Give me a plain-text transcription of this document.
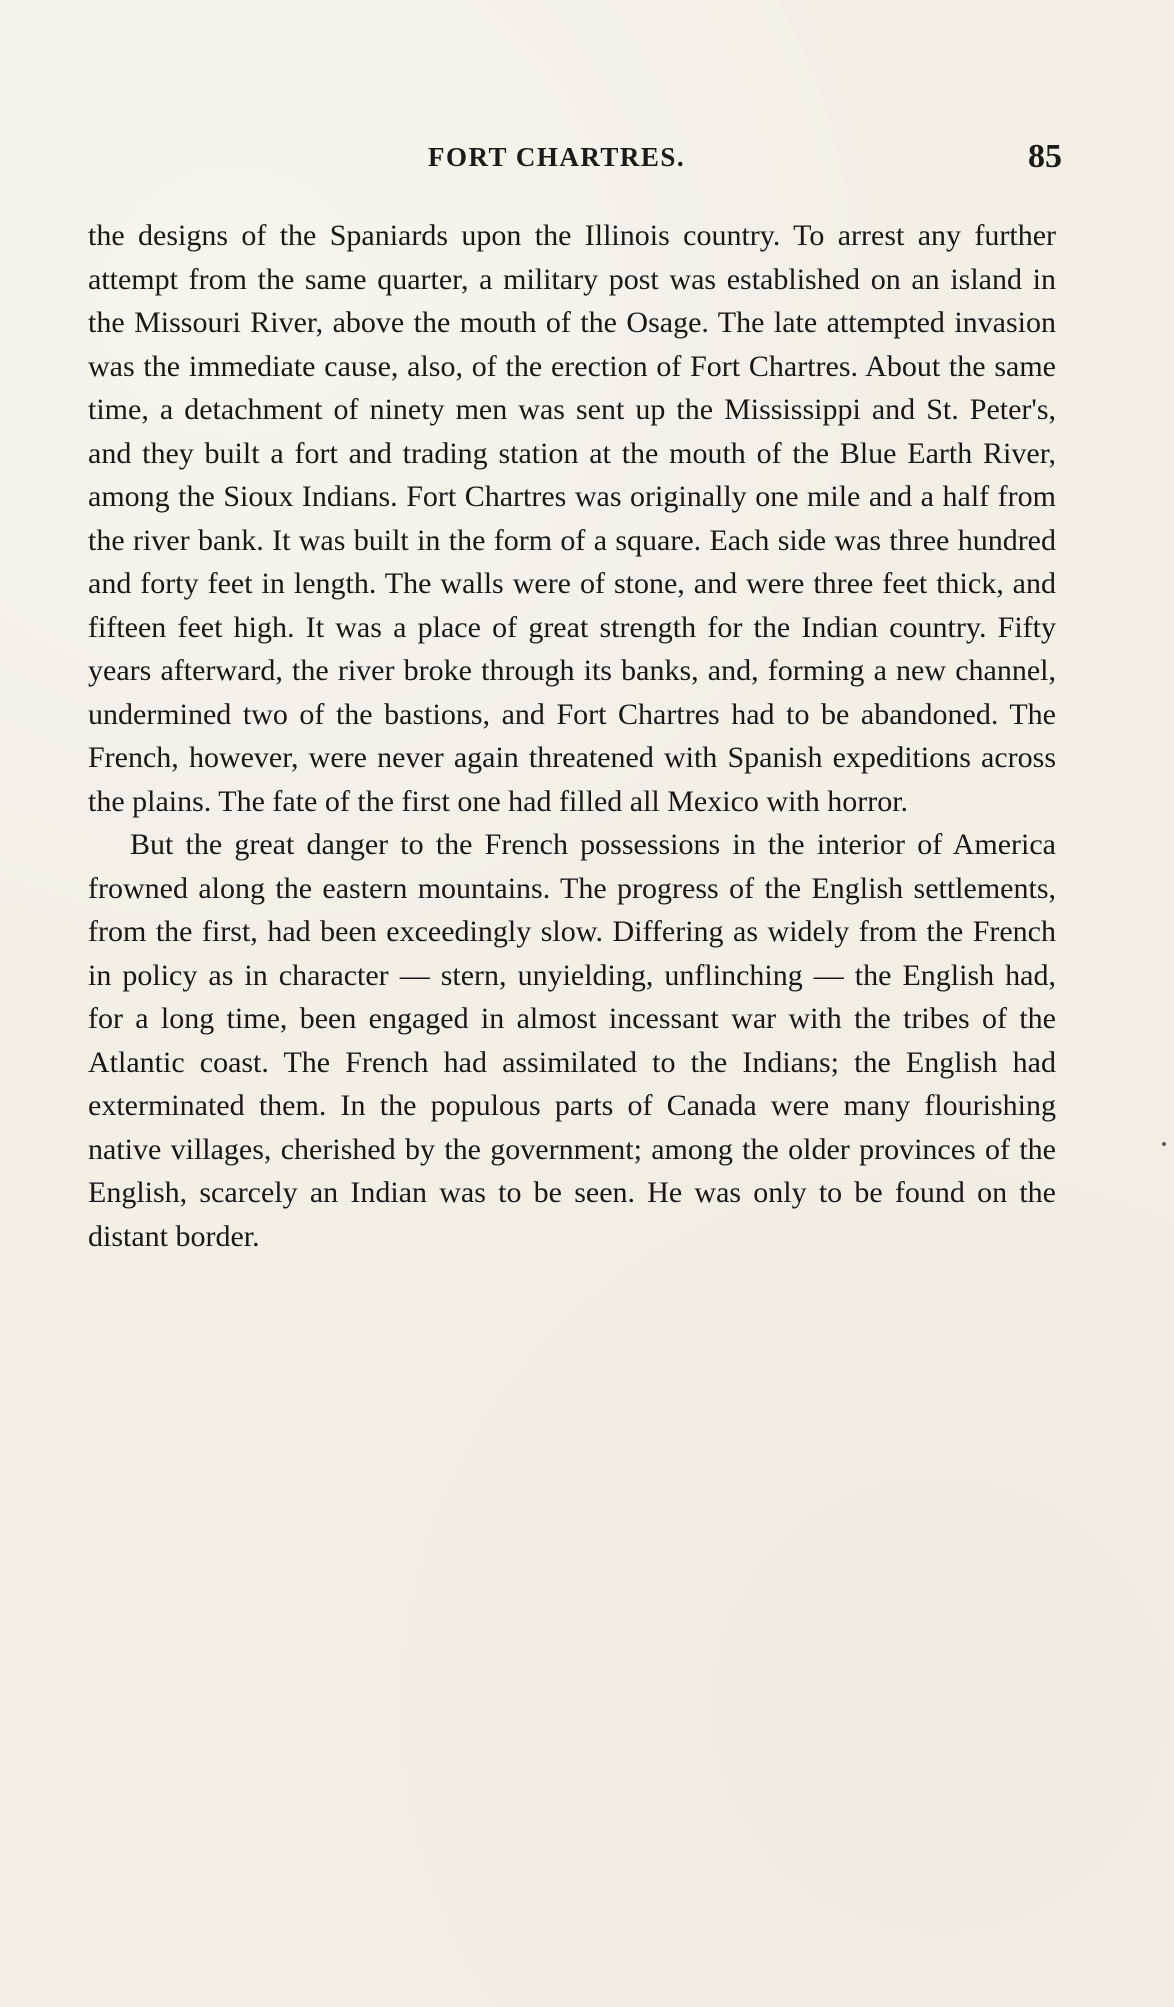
FORT CHARTRES.	85

the designs of the Spaniards upon the Illinois country. To arrest any further attempt from the same quarter, a military post was established on an island in the Missouri River, above the mouth of the Osage. The late attempted invasion was the immediate cause, also, of the erection of Fort Chartres. About the same time, a detachment of ninety men was sent up the Mississippi and St. Peter's, and they built a fort and trading station at the mouth of the Blue Earth River, among the Sioux Indians. Fort Chartres was originally one mile and a half from the river bank. It was built in the form of a square. Each side was three hundred and forty feet in length. The walls were of stone, and were three feet thick, and fifteen feet high. It was a place of great strength for the Indian country. Fifty years afterward, the river broke through its banks, and, forming a new channel, undermined two of the bastions, and Fort Chartres had to be abandoned. The French, however, were never again threatened with Spanish expeditions across the plains. The fate of the first one had filled all Mexico with horror.

But the great danger to the French possessions in the interior of America frowned along the eastern mountains. The progress of the English settlements, from the first, had been exceedingly slow. Differing as widely from the French in policy as in character — stern, unyielding, unflinching — the English had, for a long time, been engaged in almost incessant war with the tribes of the Atlantic coast. The French had assimilated to the Indians; the English had exterminated them. In the populous parts of Canada were many flourishing native villages, cherished by the government; among the older provinces of the English, scarcely an Indian was to be seen. He was only to be found on the distant border.
